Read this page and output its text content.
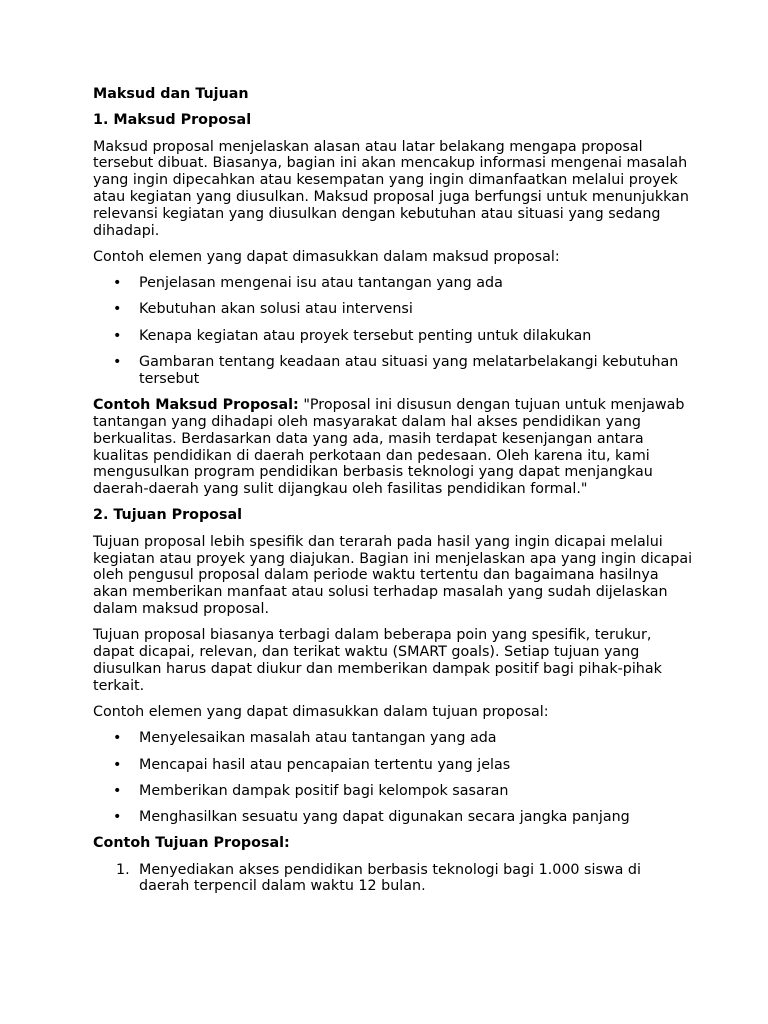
Maksud dan Tujuan
1. Maksud Proposal

Maksud proposal menjelaskan alasan atau latar belakang mengapa proposal tersebut dibuat. Biasanya, bagian ini akan mencakup informasi mengenai masalah yang ingin dipecahkan atau kesempatan yang ingin dimanfaatkan melalui proyek atau kegiatan yang diusulkan. Maksud proposal juga berfungsi untuk menunjukkan relevansi kegiatan yang diusulkan dengan kebutuhan atau situasi yang sedang dihadapi.

Contoh elemen yang dapat dimasukkan dalam maksud proposal:

• Penjelasan mengenai isu atau tantangan yang ada
• Kebutuhan akan solusi atau intervensi
• Kenapa kegiatan atau proyek tersebut penting untuk dilakukan
• Gambaran tentang keadaan atau situasi yang melatarbelakangi kebutuhan tersebut

Contoh Maksud Proposal: "Proposal ini disusun dengan tujuan untuk menjawab tantangan yang dihadapi oleh masyarakat dalam hal akses pendidikan yang berkualitas. Berdasarkan data yang ada, masih terdapat kesenjangan antara kualitas pendidikan di daerah perkotaan dan pedesaan. Oleh karena itu, kami mengusulkan program pendidikan berbasis teknologi yang dapat menjangkau daerah-daerah yang sulit dijangkau oleh fasilitas pendidikan formal."

2. Tujuan Proposal

Tujuan proposal lebih spesifik dan terarah pada hasil yang ingin dicapai melalui kegiatan atau proyek yang diajukan. Bagian ini menjelaskan apa yang ingin dicapai oleh pengusul proposal dalam periode waktu tertentu dan bagaimana hasilnya akan memberikan manfaat atau solusi terhadap masalah yang sudah dijelaskan dalam maksud proposal.

Tujuan proposal biasanya terbagi dalam beberapa poin yang spesifik, terukur, dapat dicapai, relevan, dan terikat waktu (SMART goals). Setiap tujuan yang diusulkan harus dapat diukur dan memberikan dampak positif bagi pihak-pihak terkait.

Contoh elemen yang dapat dimasukkan dalam tujuan proposal:

• Menyelesaikan masalah atau tantangan yang ada
• Mencapai hasil atau pencapaian tertentu yang jelas
• Memberikan dampak positif bagi kelompok sasaran
• Menghasilkan sesuatu yang dapat digunakan secara jangka panjang
Contoh Tujuan Proposal:
1. Menyediakan akses pendidikan berbasis teknologi bagi 1.000 siswa di daerah terpencil dalam waktu 12 bulan.
